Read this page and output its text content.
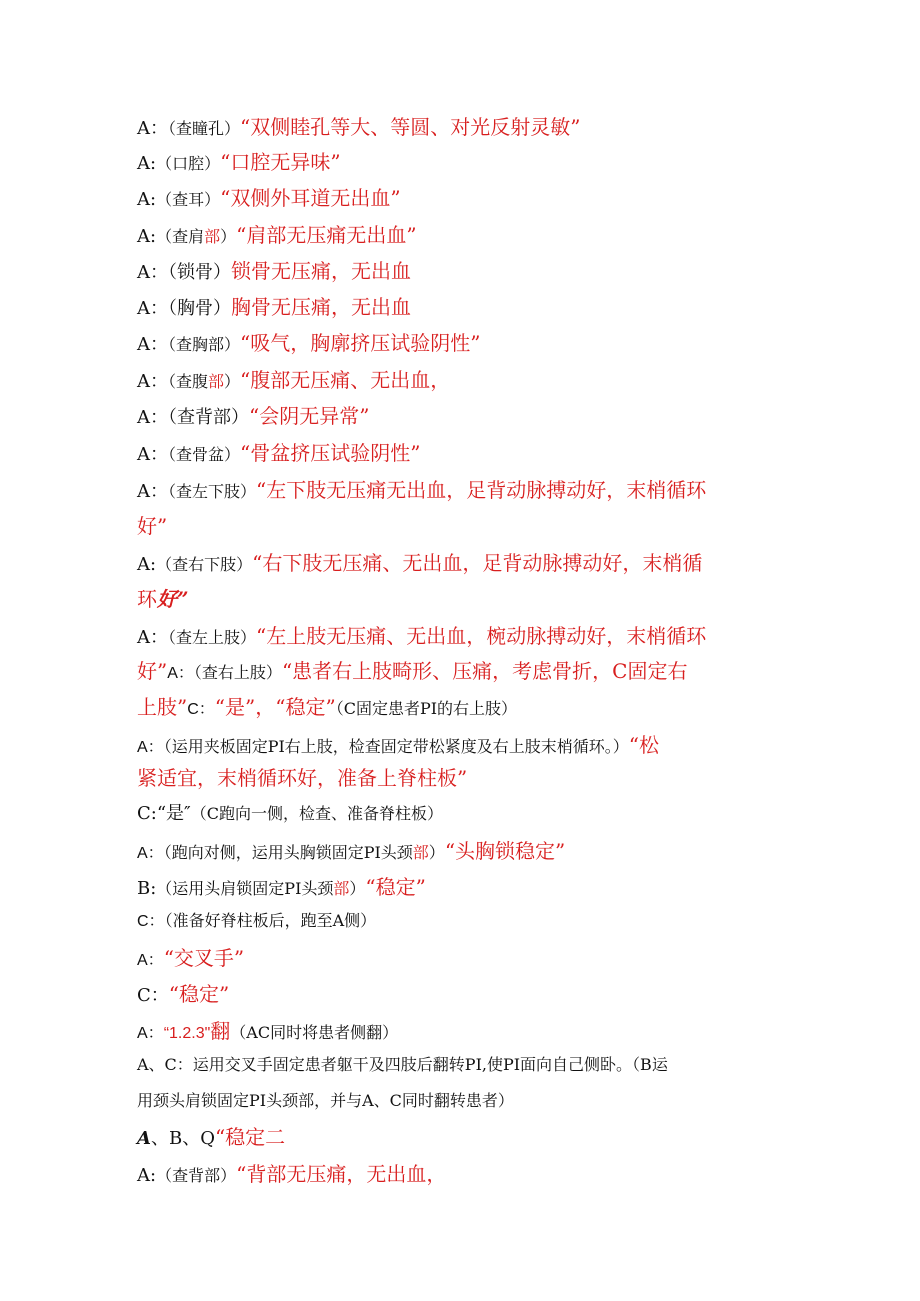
A：（查瞳孔）“双侧睦孔等大、等圆、对光反射灵敏”
A:（口腔）“口腔无异味”
A:（查耳）“双侧外耳道无出血”
A:（查肩部）“肩部无压痛无出血”
A：（锁骨）锁骨无压痛，无出血
A：（胸骨）胸骨无压痛，无出血
A：（查胸部）“吸气，胸廓挤压试验阴性”
A：（查腹部）“腹部无压痛、无出血，
A：（查背部）“会阴无异常”
A：（查骨盆）“骨盆挤压试验阴性”
A：（查左下肢）“左下肢无压痛无出血，足背动脉搏动好，末梢循环
好”
A:（查右下肢）“右下肢无压痛、无出血，足背动脉搏动好，末梢循
环好”
A：（查左上肢）“左上肢无压痛、无出血，椀动脉搏动好，末梢循环
好”A：（查右上肢）“患者右上肢畸形、压痛，考虑骨折，C固定右
上肢”C：“是”，“稳定”（C固定患者PI的右上肢）
A：（运用夹板固定PI右上肢，检查固定带松紧度及右上肢末梢循环。）“松
紧适宜，末梢循环好，准备上脊柱板”
C:“是″（C跑向一侧，检查、准备脊柱板）
A：（跑向对侧，运用头胸锁固定PI头颈部）“头胸锁稳定”
B:（运用头肩锁固定PI头颈部）“稳定”
C：（准备好脊柱板后，跑至A侧）
A：“交叉手”
C：“稳定”
A：“1.2.3"翻（AC同时将患者侧翻）
A、C：运用交叉手固定患者躯干及四肢后翻转PI,使PI面向自己侧卧。（B运
用颈头肩锁固定PI头颈部，并与A、C同时翻转患者）
A、B、Q“稳定二
A:（查背部）“背部无压痛，无出血，
